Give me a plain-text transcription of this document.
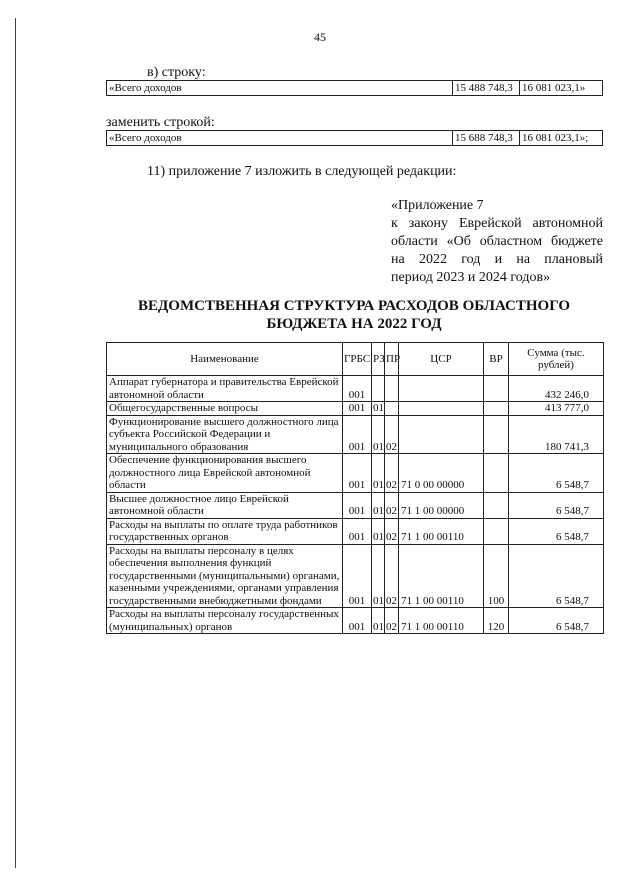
45
в) строку:
«Всего доходов	15 488 748,3	16 081 023,1»
заменить строкой:
«Всего доходов	15 688 748,3	16 081 023,1»;
11) приложение 7 изложить в следующей редакции:
«Приложение 7
к закону Еврейской автономной
области «Об областном бюджете
на 2022 год и на плановый
период 2023 и 2024 годов»
ВЕДОМСТВЕННАЯ СТРУКТУРА РАСХОДОВ ОБЛАСТНОГО
БЮДЖЕТА НА 2022 ГОД
Наименование	ГРБС	РЗ	ПР	ЦСР	ВР	Сумма (тыс. рублей)
Аппарат губернатора и правительства Еврейской автономной области	001					432 246,0
Общегосударственные вопросы	001	01				413 777,0
Функционирование высшего должностного лица субъекта Российской Федерации и муниципального образования	001	01	02			180 741,3
Обеспечение функционирования высшего должностного лица Еврейской автономной области	001	01	02	71 0 00 00000		6 548,7
Высшее должностное лицо Еврейской автономной области	001	01	02	71 1 00 00000		6 548,7
Расходы на выплаты по оплате труда работников государственных органов	001	01	02	71 1 00 00110		6 548,7
Расходы на выплаты персоналу в целях обеспечения выполнения функций государственными (муниципальными) органами, казенными учреждениями, органами управления государственными внебюджетными фондами	001	01	02	71 1 00 00110	100	6 548,7
Расходы на выплаты персоналу государственных (муниципальных) органов	001	01	02	71 1 00 00110	120	6 548,7
